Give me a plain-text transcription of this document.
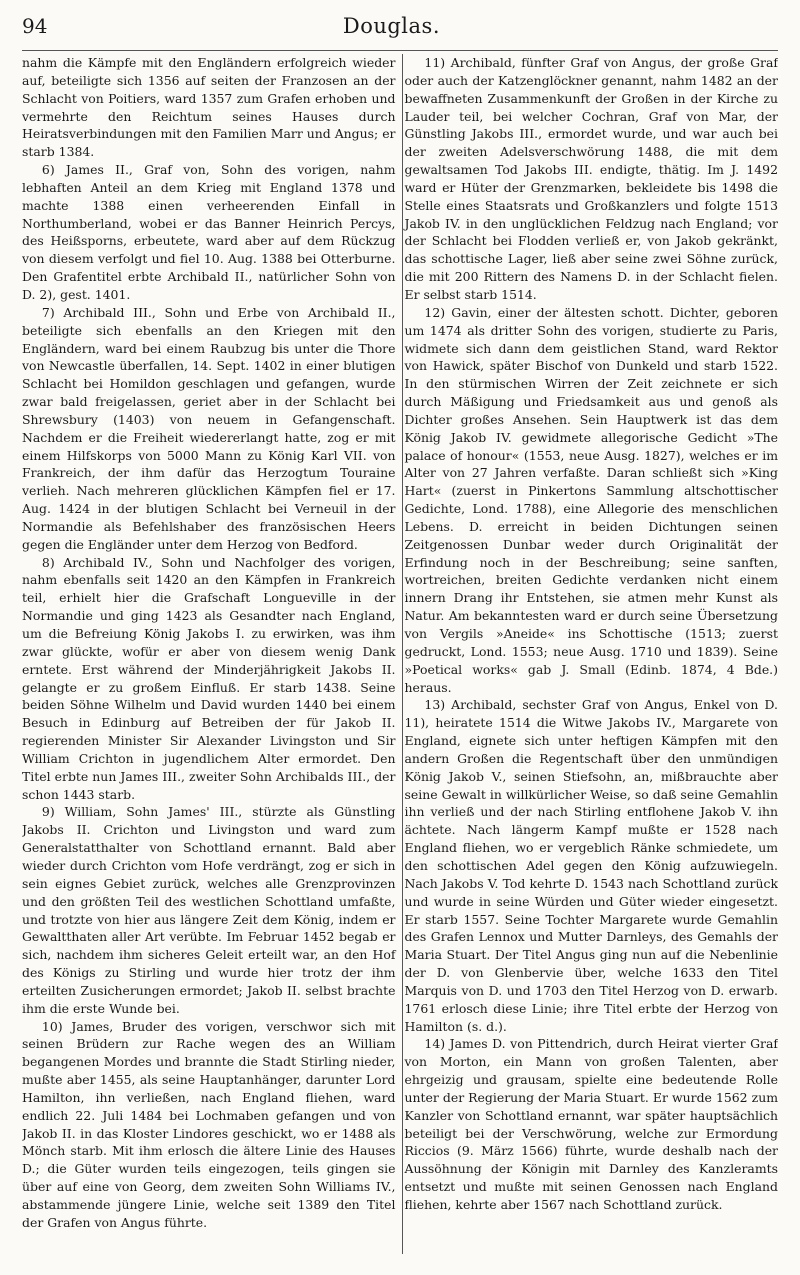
94	Douglas.

nahm die Kämpfe mit den Engländern erfolgreich wieder auf, beteiligte sich 1356 auf seiten der Franzosen an der Schlacht von Poitiers, ward 1357 zum Grafen erhoben und vermehrte den Reichtum seines Hauses durch Heiratsverbindungen mit den Familien Marr und Angus; er starb 1384.

6) James II., Graf von, Sohn des vorigen, nahm lebhaften Anteil an dem Krieg mit England 1378 und machte 1388 einen verheerenden Einfall in Northumberland, wobei er das Banner Heinrich Percys, des Heißsporns, erbeutete, ward aber auf dem Rückzug von diesem verfolgt und fiel 10. Aug. 1388 bei Otterburne. Den Grafentitel erbte Archibald II., natürlicher Sohn von D. 2), gest. 1401.

7) Archibald III., Sohn und Erbe von Archibald II., beteiligte sich ebenfalls an den Kriegen mit den Engländern, ward bei einem Raubzug bis unter die Thore von Newcastle überfallen, 14. Sept. 1402 in einer blutigen Schlacht bei Homildon geschlagen und gefangen, wurde zwar bald freigelassen, geriet aber in der Schlacht bei Shrewsbury (1403) von neuem in Gefangenschaft. Nachdem er die Freiheit wiedererlangt hatte, zog er mit einem Hilfskorps von 5000 Mann zu König Karl VII. von Frankreich, der ihm dafür das Herzogtum Touraine verlieh. Nach mehreren glücklichen Kämpfen fiel er 17. Aug. 1424 in der blutigen Schlacht bei Verneuil in der Normandie als Befehlshaber des französischen Heers gegen die Engländer unter dem Herzog von Bedford.

8) Archibald IV., Sohn und Nachfolger des vorigen, nahm ebenfalls seit 1420 an den Kämpfen in Frankreich teil, erhielt hier die Grafschaft Longueville in der Normandie und ging 1423 als Gesandter nach England, um die Befreiung König Jakobs I. zu erwirken, was ihm zwar glückte, wofür er aber von diesem wenig Dank erntete. Erst während der Minderjährigkeit Jakobs II. gelangte er zu großem Einfluß. Er starb 1438. Seine beiden Söhne Wilhelm und David wurden 1440 bei einem Besuch in Edinburg auf Betreiben der für Jakob II. regierenden Minister Sir Alexander Livingston und Sir William Crichton in jugendlichem Alter ermordet. Den Titel erbte nun James III., zweiter Sohn Archibalds III., der schon 1443 starb.

9) William, Sohn James' III., stürzte als Günstling Jakobs II. Crichton und Livingston und ward zum Generalstatthalter von Schottland ernannt. Bald aber wieder durch Crichton vom Hofe verdrängt, zog er sich in sein eignes Gebiet zurück, welches alle Grenzprovinzen und den größten Teil des westlichen Schottland umfaßte, und trotzte von hier aus längere Zeit dem König, indem er Gewaltthaten aller Art verübte. Im Februar 1452 begab er sich, nachdem ihm sicheres Geleit erteilt war, an den Hof des Königs zu Stirling und wurde hier trotz der ihm erteilten Zusicherungen ermordet; Jakob II. selbst brachte ihm die erste Wunde bei.

10) James, Bruder des vorigen, verschwor sich mit seinen Brüdern zur Rache wegen des an William begangenen Mordes und brannte die Stadt Stirling nieder, mußte aber 1455, als seine Hauptanhänger, darunter Lord Hamilton, ihn verließen, nach England fliehen, ward endlich 22. Juli 1484 bei Lochmaben gefangen und von Jakob II. in das Kloster Lindores geschickt, wo er 1488 als Mönch starb. Mit ihm erlosch die ältere Linie des Hauses D.; die Güter wurden teils eingezogen, teils gingen sie über auf eine von Georg, dem zweiten Sohn Williams IV., abstammende jüngere Linie, welche seit 1389 den Titel der Grafen von Angus führte.

11) Archibald, fünfter Graf von Angus, der große Graf oder auch der Katzenglöckner genannt, nahm 1482 an der bewaffneten Zusammenkunft der Großen in der Kirche zu Lauder teil, bei welcher Cochran, Graf von Mar, der Günstling Jakobs III., ermordet wurde, und war auch bei der zweiten Adelsverschwörung 1488, die mit dem gewaltsamen Tod Jakobs III. endigte, thätig. Im J. 1492 ward er Hüter der Grenzmarken, bekleidete bis 1498 die Stelle eines Staatsrats und Großkanzlers und folgte 1513 Jakob IV. in den unglücklichen Feldzug nach England; vor der Schlacht bei Flodden verließ er, von Jakob gekränkt, das schottische Lager, ließ aber seine zwei Söhne zurück, die mit 200 Rittern des Namens D. in der Schlacht fielen. Er selbst starb 1514.

12) Gavin, einer der ältesten schott. Dichter, geboren um 1474 als dritter Sohn des vorigen, studierte zu Paris, widmete sich dann dem geistlichen Stand, ward Rektor von Hawick, später Bischof von Dunkeld und starb 1522. In den stürmischen Wirren der Zeit zeichnete er sich durch Mäßigung und Friedsamkeit aus und genoß als Dichter großes Ansehen. Sein Hauptwerk ist das dem König Jakob IV. gewidmete allegorische Gedicht »The palace of honour« (1553, neue Ausg. 1827), welches er im Alter von 27 Jahren verfaßte. Daran schließt sich »King Hart« (zuerst in Pinkertons Sammlung altschottischer Gedichte, Lond. 1788), eine Allegorie des menschlichen Lebens. D. erreicht in beiden Dichtungen seinen Zeitgenossen Dunbar weder durch Originalität der Erfindung noch in der Beschreibung; seine sanften, wortreichen, breiten Gedichte verdanken nicht einem innern Drang ihr Entstehen, sie atmen mehr Kunst als Natur. Am bekanntesten ward er durch seine Übersetzung von Vergils »Aneide« ins Schottische (1513; zuerst gedruckt, Lond. 1553; neue Ausg. 1710 und 1839). Seine »Poetical works« gab J. Small (Edinb. 1874, 4 Bde.) heraus.

13) Archibald, sechster Graf von Angus, Enkel von D. 11), heiratete 1514 die Witwe Jakobs IV., Margarete von England, eignete sich unter heftigen Kämpfen mit den andern Großen die Regentschaft über den unmündigen König Jakob V., seinen Stiefsohn, an, mißbrauchte aber seine Gewalt in willkürlicher Weise, so daß seine Gemahlin ihn verließ und der nach Stirling entflohene Jakob V. ihn ächtete. Nach längerm Kampf mußte er 1528 nach England fliehen, wo er vergeblich Ränke schmiedete, um den schottischen Adel gegen den König aufzuwiegeln. Nach Jakobs V. Tod kehrte D. 1543 nach Schottland zurück und wurde in seine Würden und Güter wieder eingesetzt. Er starb 1557. Seine Tochter Margarete wurde Gemahlin des Grafen Lennox und Mutter Darnleys, des Gemahls der Maria Stuart. Der Titel Angus ging nun auf die Nebenlinie der D. von Glenbervie über, welche 1633 den Titel Marquis von D. und 1703 den Titel Herzog von D. erwarb. 1761 erlosch diese Linie; ihre Titel erbte der Herzog von Hamilton (s. d.).

14) James D. von Pittendrich, durch Heirat vierter Graf von Morton, ein Mann von großen Talenten, aber ehrgeizig und grausam, spielte eine bedeutende Rolle unter der Regierung der Maria Stuart. Er wurde 1562 zum Kanzler von Schottland ernannt, war später hauptsächlich beteiligt bei der Verschwörung, welche zur Ermordung Riccios (9. März 1566) führte, wurde deshalb nach der Aussöhnung der Königin mit Darnley des Kanzleramts entsetzt und mußte mit seinen Genossen nach England fliehen, kehrte aber 1567 nach Schottland zurück.
